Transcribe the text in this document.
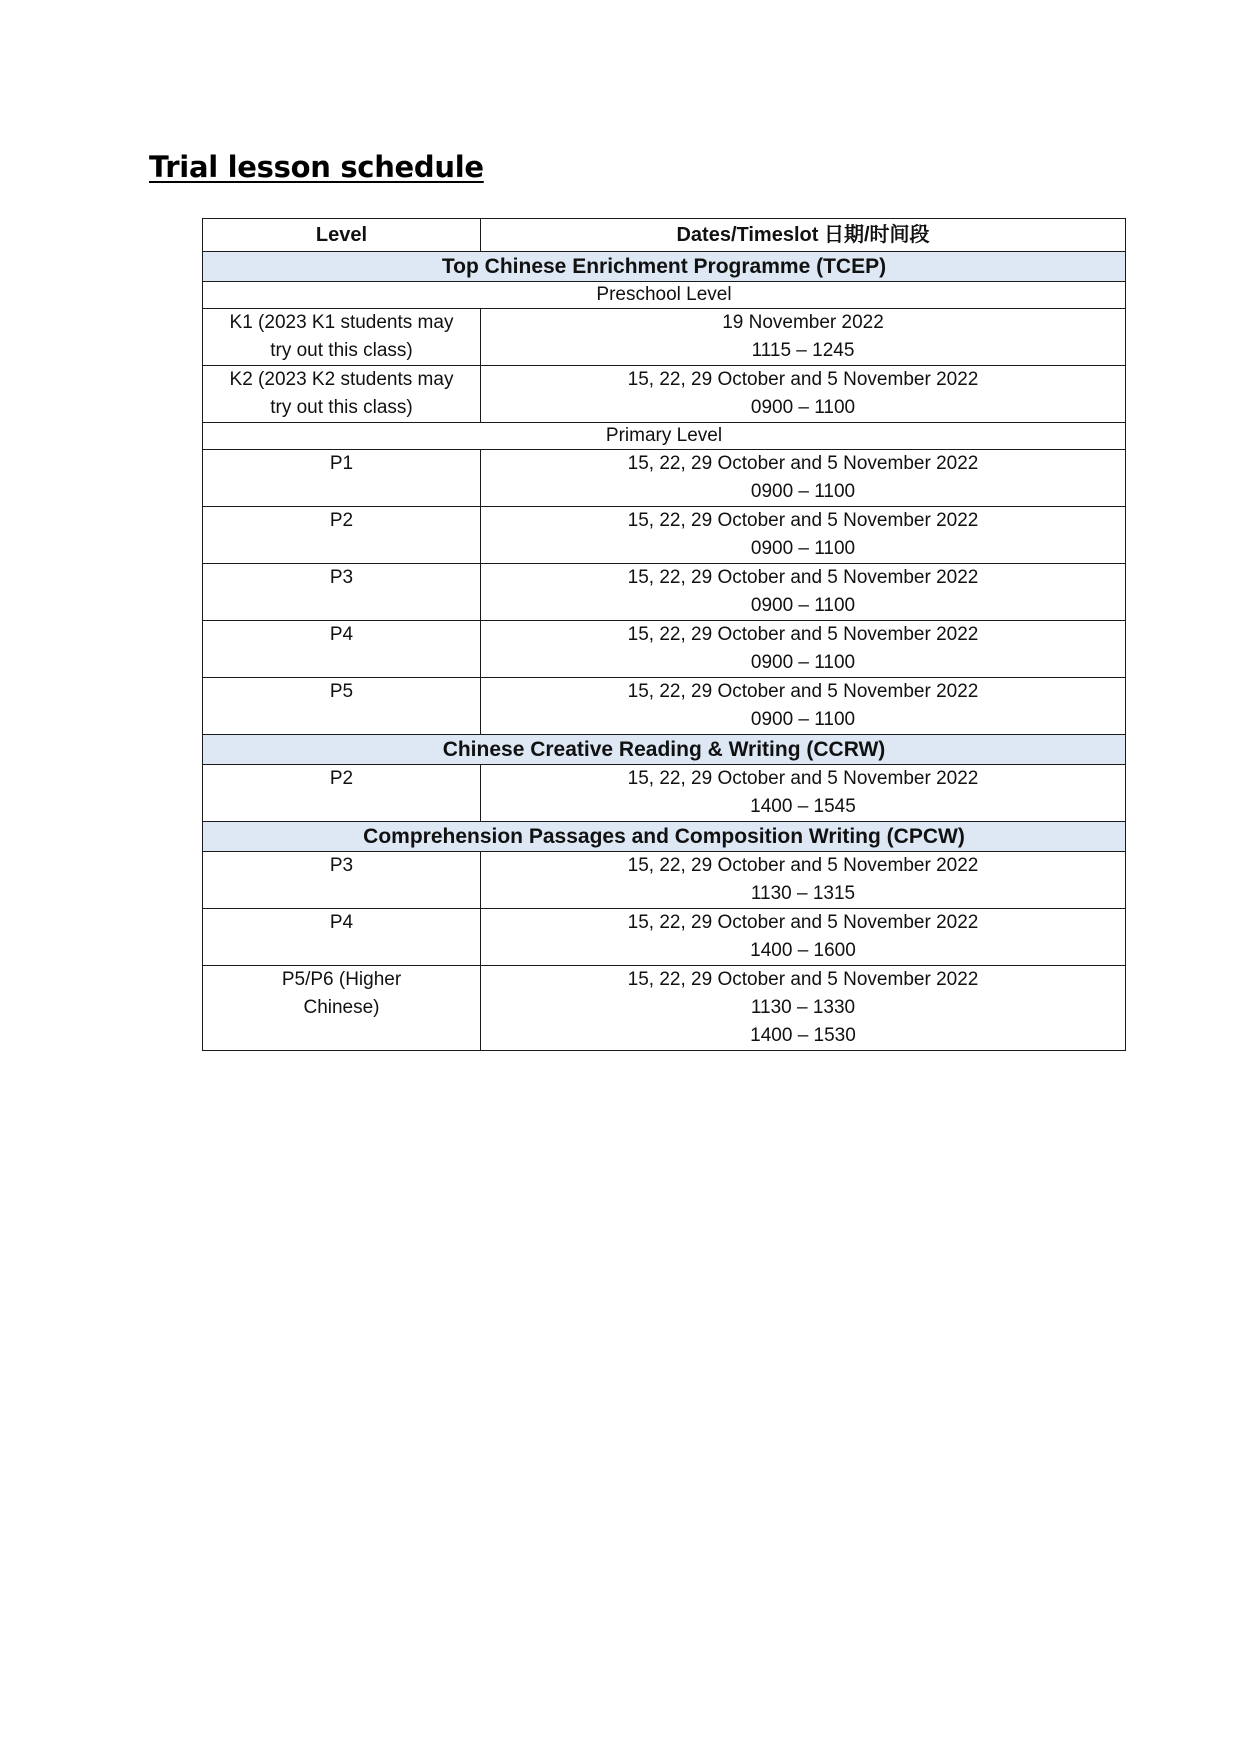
Trial lesson schedule
Level	Dates/Timeslot 日期/时间段
Top Chinese Enrichment Programme (TCEP)	
Preschool Level	

K1 (2023 K1 students may
try out this class)	19 November 2022
1115 – 1245

K2 (2023 K2 students may
try out this class)	15, 22, 29 October and 5 November 2022
0900 – 1100

Primary Level	

P1	15, 22, 29 October and 5 November 2022
0900 – 1100

P2	15, 22, 29 October and 5 November 2022
0900 – 1100

P3	15, 22, 29 October and 5 November 2022
0900 – 1100

P4	15, 22, 29 October and 5 November 2022
0900 – 1100

P5	15, 22, 29 October and 5 November 2022
0900 – 1100

Chinese Creative Reading & Writing (CCRW)	

P2	15, 22, 29 October and 5 November 2022
1400 – 1545

Comprehension Passages and Composition Writing (CPCW)	

P3	15, 22, 29 October and 5 November 2022
1130 – 1315

P4	15, 22, 29 October and 5 November 2022
1400 – 1600

P5/P6 (Higher
Chinese)	15, 22, 29 October and 5 November 2022
1130 – 1330
1400 – 1530
